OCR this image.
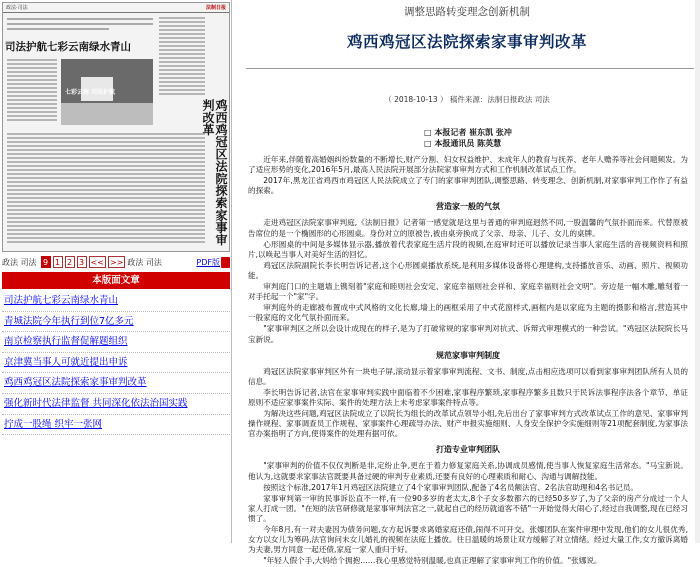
政法·司法	法制日报
司法护航七彩云南绿水青山
七彩云南 司法护航
鸡西鸡冠区法院探索家事审判改革
政法 司法 9 1 2 3 << >> 政法 司法	PDF版
本版面文章
司法护航七彩云南绿水青山
青城法院今年执行到位7亿多元
南京检察执行监督促解题组织
京津冀当事人可就近提出申诉
鸡西鸡冠区法院探索家事审判改革
强化新时代法律监督 共同深化依法治国实践
拧成一股绳 织牢一张网
调整思路转变理念创新机制
鸡西鸡冠区法院探索家事审判改革
（ 2018-10-13 ） 稿件来源：法制日报政法 司法
□ 本报记者 崔东凯 张冲
□ 本报通讯员 陈英慧

近年来,伴随着高婚姻纠纷数量的不断增长,财产分割、妇女权益维护、未成年人的教育与抚养、老年人赡养等社会问题频发。为了适应形势的变化,2016年5月,最高人民法院开展部分法院家事审判方式和工作机制改革试点工作。

2017年,黑龙江省鸡西市鸡冠区人民法院成立了专门的家事审判团队,调整思路、转变理念、创新机制,对家事审判工作作了有益的探索。

营造家一般的气氛

走进鸡冠区法院家事审判庭,《法制日报》记者第一感觉就是这里与普通的审判庭迥然不同,一股温馨的气氛扑面而来。代替原被告席位的是一个椭圆形的心形圆桌。身份对立的原被告,被由桌旁换成了父亲、母亲、儿子、女儿的桌牌。

心形圆桌的中间是多媒体显示器,播放着代表家庭生活片段的视频,在庭审时还可以播放记录当事人家庭生活的音视频资料和照片,以唤起当事人对美好生活的回忆。

鸡冠区法院副院长李长明告诉记者,这个心形圆桌播放系统,是利用多媒体设备将心理建构,支持播放音乐、动画、照片、视频功能。

审判庭门口的主题墙上镌刻着"家庭和睦则社会安定、家庭幸福则社会祥和、家庭幸福则社会文明"。旁边是一幅木雕,雕刻着一对手托起一个"家"字。

审判庭外的走廊被布置成中式风格的文化长廊,墙上的画框采用了中式花窗样式,画框内是以家庭为主题的摄影和格言,营造其中一般家庭的文化气氛扑面而来。

"家事审判区之所以会设计成现在的样子,是为了打破常规的家事审判对抗式、诉辩式审理模式的一种尝试。"鸡冠区法院院长马宝新说。

规范家事审判制度

鸡冠区法院家事审判区外有一块电子屏,滚动显示着家事审判流程、文书、制度,点击相应选项可以看到家事审判团队所有人员的信息。

李长明告诉记者,法官在家事审判实践中面临着不少困难,家事程序繁琐,家事程序繁多且数只于民诉法事程序法各个章节、单证原则不适应家事案件实际、案件的处理方法上未考虑家事案件特点等。

为解决这些问题,鸡冠区法院成立了以院长为组长的改革试点领导小组,先后出台了家事审判方式改革试点工作的意见、家事审判操作规程、家事调查员工作规程、家事案件心理疏导办法、财产申报实施细则、人身安全保护令实施细则等21项配套制度,为家事法官办案指明了方向,使得案件的处理有据可依。

打造专业审判团队

"家事审判的价值不仅仅判断是非,定纷止争,更在于着力修复家庭关系,协调成员感情,使当事人恢复家庭生活常态。"马宝新说。他认为,这就要求家事法官既要具备过硬的审判专业素质,还要有良好的心理素质和耐心、沟通与调解技能。

按照这个标准,2017年1月鸡冠区法院建立了4个家事审判团队,配备了4名员额法官、2名法官助理和4名书记员。

家事审判第一审的民事诉讼直不一样,有一位90多岁的老太太,8个子女多数都六的已经50多岁了,为了父亲的房产分成过一个人家人打成一团。"在短的法官研修就是家事审判法官之一,就起自己的经历就道客不错"一开始觉得大闹心了,经过自我调整,现在已经习惯了。

今年8月,有一对夫妻因为债务问题,女方起诉要求离婚家庭还债,闹得不可开交。张娜团队在案件审理中发现,他们的女儿很优秀,女方以女儿为筹码,法官询问未女儿婚礼的视频在法庭上播放。往日温暖的场景让双方缓解了对立情绪。经过大量工作,女方撤诉离婚为夫妻,男方同意一起还债,家庭一家人重归于好。

"年轻人假个手,大妈给个拥抱……我心里感觉特别温暖,也真正理解了家事审判工作的价值。"张娜说。
